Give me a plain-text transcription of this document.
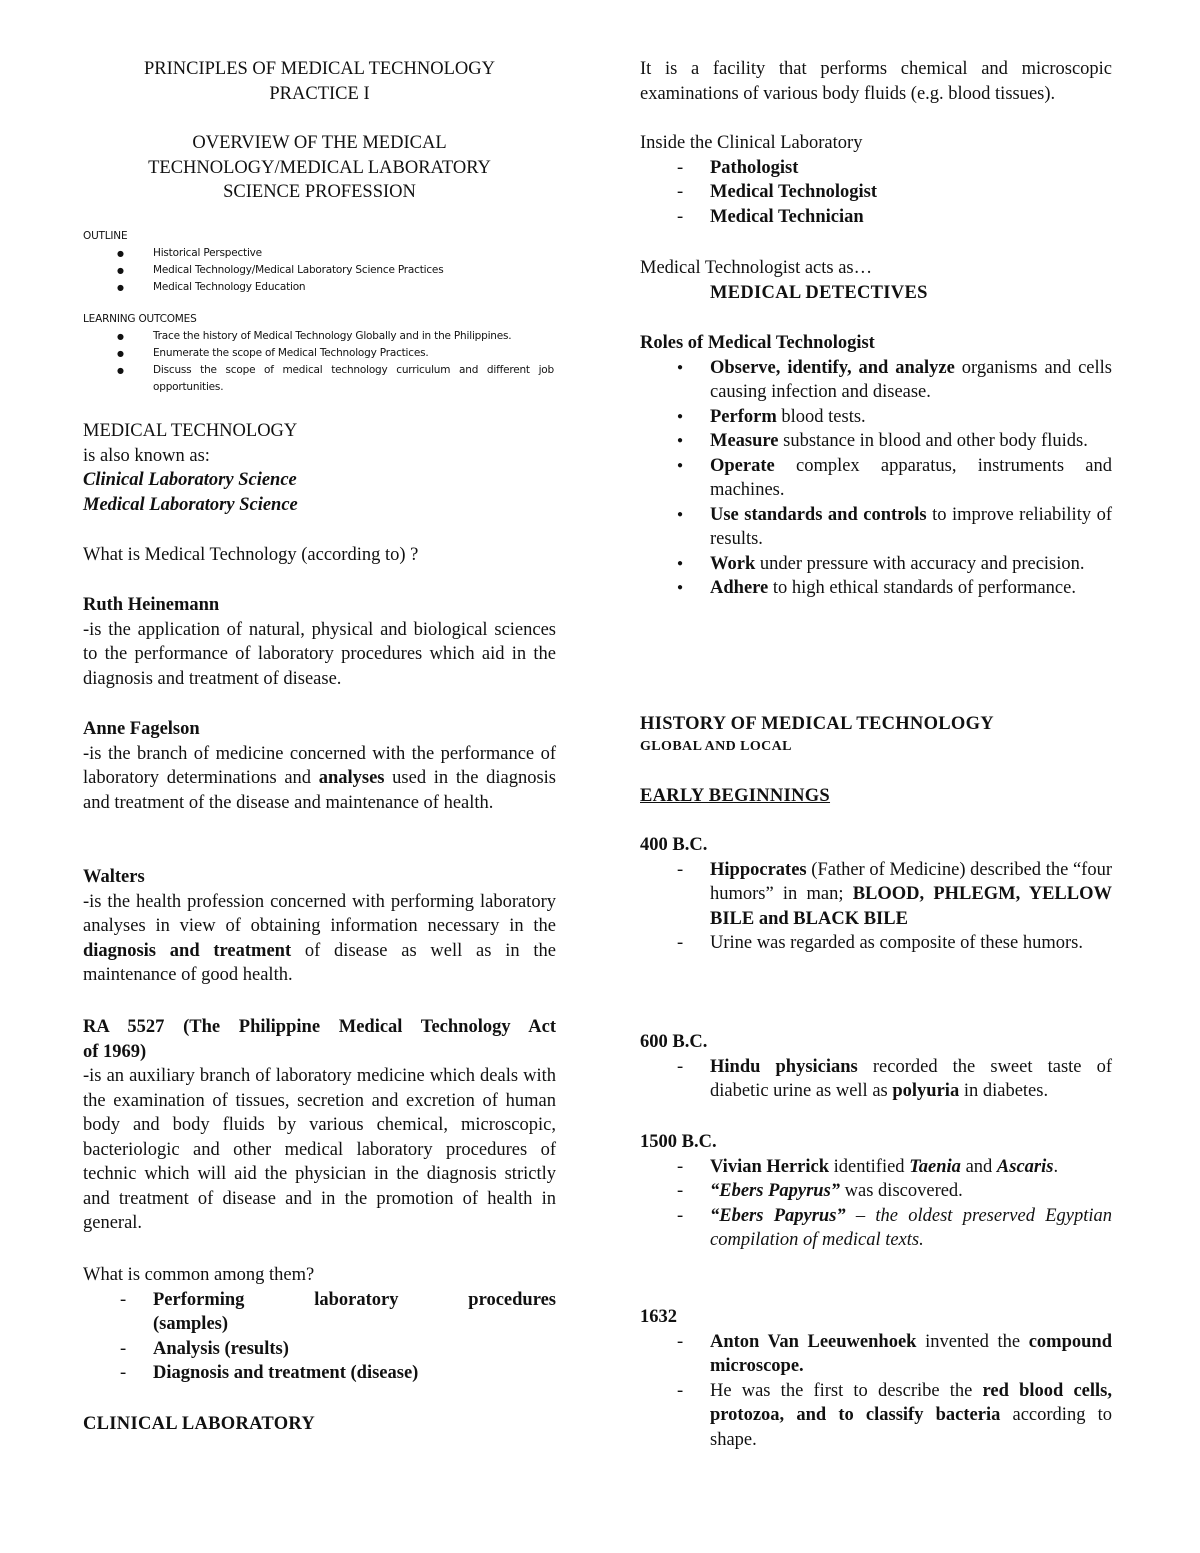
PRINCIPLES OF MEDICAL TECHNOLOGY

PRACTICE I

OVERVIEW OF THE MEDICAL

TECHNOLOGY/MEDICAL LABORATORY

SCIENCE PROFESSION

OUTLINE

● Historical Perspective
● Medical Technology/Medical Laboratory Science Practices
● Medical Technology Education

LEARNING OUTCOMES

● Trace the history of Medical Technology Globally and in the Philippines.
● Enumerate the scope of Medical Technology Practices.
● Discuss the scope of medical technology curriculum and different job opportunities.

MEDICAL TECHNOLOGY

is also known as:

Clinical Laboratory Science

Medical Laboratory Science

What is Medical Technology (according to) ?

Ruth Heinemann

-is the application of natural, physical and biological sciences to the performance of laboratory procedures which aid in the diagnosis and treatment of disease.

Anne Fagelson

-is the branch of medicine concerned with the performance of laboratory determinations and analyses used in the diagnosis and treatment of the disease and maintenance of health.

Walters

-is the health profession concerned with performing laboratory analyses in view of obtaining information necessary in the diagnosis and treatment of disease as well as in the maintenance of good health.

RA 5527 (The Philippine Medical Technology Act

of 1969)

-is an auxiliary branch of laboratory medicine which deals with the examination of tissues, secretion and excretion of human body and body fluids by various chemical, microscopic, bacteriologic and other medical laboratory procedures of technic which will aid the physician in the diagnosis strictly and treatment of disease and in the promotion of health in general.

What is common among them?

- Performing laboratory procedures

(samples)

- Analysis (results)
- Diagnosis and treatment (disease)

CLINICAL LABORATORY

It is a facility that performs chemical and microscopic examinations of various body fluids (e.g. blood tissues).

Inside the Clinical Laboratory

- Pathologist
- Medical Technologist
- Medical Technician

Medical Technologist acts as…

MEDICAL DETECTIVES

Roles of Medical Technologist

● Observe, identify, and analyze organisms and cells causing infection and disease.
● Perform blood tests.
● Measure substance in blood and other body fluids.
● Operate complex apparatus, instruments and machines.
● Use standards and controls to improve reliability of results.
● Work under pressure with accuracy and precision.
● Adhere to high ethical standards of performance.

HISTORY OF MEDICAL TECHNOLOGY

GLOBAL AND LOCAL

EARLY BEGINNINGS

400 B.C.

- Hippocrates (Father of Medicine) described the “four humors” in man; BLOOD, PHLEGM, YELLOW BILE and BLACK BILE
- Urine was regarded as composite of these humors.

600 B.C.

- Hindu physicians recorded the sweet taste of diabetic urine as well as polyuria in diabetes.

1500 B.C.

- Vivian Herrick identified Taenia and Ascaris.
- “Ebers Papyrus” was discovered.
- “Ebers Papyrus” – the oldest preserved Egyptian compilation of medical texts.

1632

- Anton Van Leeuwenhoek invented the compound microscope.
- He was the first to describe the red blood cells, protozoa, and to classify bacteria according to shape.
